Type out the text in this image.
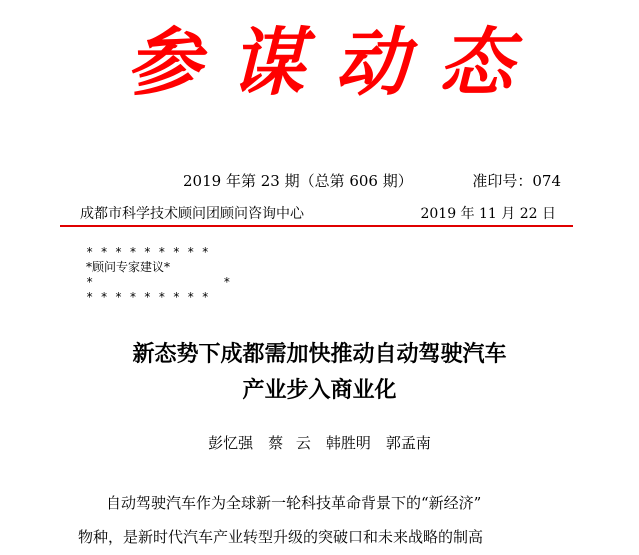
参谋动态
2019 年第 23 期（总第 606 期）	准印号：074
成都市科学技术顾问团顾问咨询中心	2019 年 11 月 22 日
* * * * * * * * *
*顾问专家建议*
*                  *
* * * * * * * * *
新态势下成都需加快推动自动驾驶汽车
产业步入商业化
彭忆强　蔡 云　韩胜明　郭孟南
自动驾驶汽车作为全球新一轮科技革命背景下的“新经济”
物种，是新时代汽车产业转型升级的突破口和未来战略的制高
